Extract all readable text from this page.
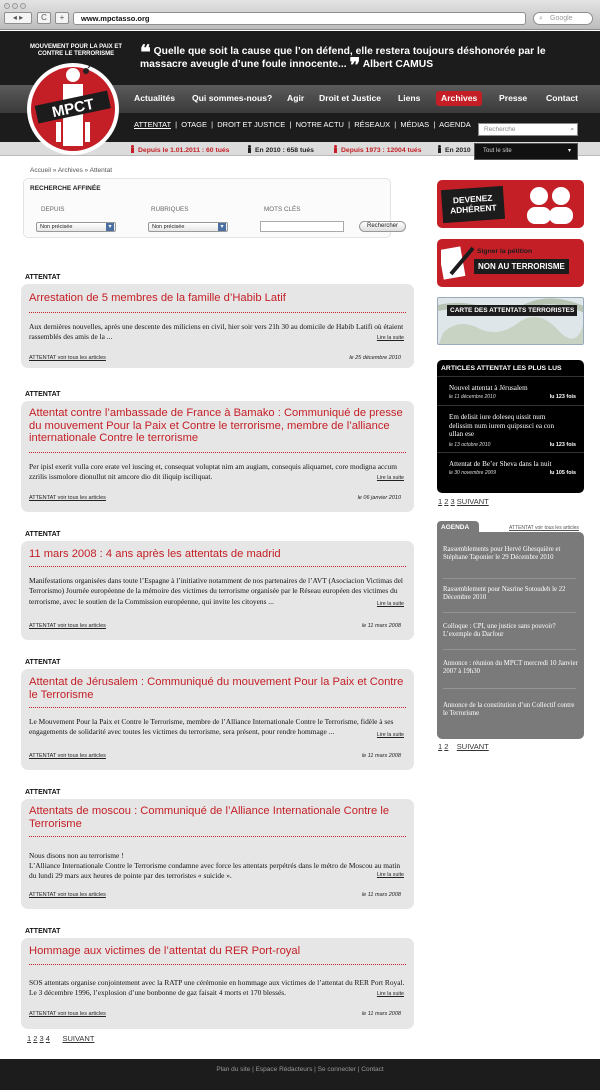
◂ ▸	C	+	www.mpctasso.org	⌕ Google
MOUVEMENT POUR LA PAIX ET CONTRE LE TERRORISME	❝ Quelle que soit la cause que l’on défend, elle restera toujours déshonorée par le massacre aveugle d’une foule innocente... ❞ Albert CAMUS
Actualités	Qui sommes-nous?	Agir	Droit et Justice	Liens	Archives	Presse	Contact
ATTENTAT  |  OTAGE  |  DROIT ET JUSTICE  |  NOTRE ACTU  |  RÉSEAUX  |  MÉDIAS  |  AGENDA
Recherche	⌕
Depuis le 1.01.2011 : 60 tués	En 2010 : 658 tués	Depuis 1973 : 12004 tués	En 2010	Tout le site	▾
MPCT
Accueil » Archives » Attentat
RECHERCHE AFFINÉE
DEPUIS	RUBRIQUES	MOTS CLÉS
Non précisée ▾	Non précisée ▾	Rechercher
ATTENTAT
Arrestation de 5 membres de la famille d’Habib Latif
Aux dernières nouvelles, après une descente des miliciens en civil, hier soir vers 21h 30 au domicile de Habib Latifi où étaient rassemblés des amis de la ...	Lire la suite
ATTENTAT voir tous les articles	le 25 décembre 2010
ATTENTAT
Attentat contre l’ambassade de France à Bamako : Communiqué de presse du mouvement Pour la Paix et Contre le terrorisme, membre de l’alliance internationale Contre le terrorisme
Per ipisl exerit vulla core erate vel iuscing et, consequat voluptat nim am augiam, consequis aliquamet, core modigna accum zzrilis issmolore dionullut nit amcore dio dit iliquip isciliquat.	Lire la suite
ATTENTAT voir tous les articles	le 06 janvier 2010
ATTENTAT
11 mars 2008 : 4 ans après les attentats de madrid
Manifestations organisées dans toute l’Espagne à l’initiative notamment de nos partenaires de l’AVT (Asociacion Victimas del Terrorismo) Journée européenne de la mémoire des victimes du terrorisme organisée par le Réseau européen des victimes du terrorisme, avec le soutien de la Commission européenne, qui invite les citoyens ...	Lire la suite
ATTENTAT voir tous les articles	le 11 mars 2008
ATTENTAT
Attentat de Jérusalem : Communiqué du mouvement Pour la Paix et Contre le Terrorisme
Le Mouvement Pour la Paix et Contre le Terrorisme, membre de l’Alliance Internationale Contre le Terrorisme, fidèle à ses engagements de solidarité avec toutes les victimes du terrorisme, sera présent, pour rendre hommage ...	Lire la suite
ATTENTAT voir tous les articles	le 11 mars 2008
ATTENTAT
Attentats de moscou : Communiqué de l’Alliance Internationale Contre le Terrorisme
Nous disons non au terrorisme !
L’Alliance Internationale Contre le Terrorisme condamne avec force les attentats perpétrés dans le métro de Moscou au matin du lundi 29 mars aux heures de pointe par des terroristes « suicide ».	Lire la suite
ATTENTAT voir tous les articles	le 11 mars 2008
ATTENTAT
Hommage aux victimes de l’attentat du RER Port-royal
SOS attentats organise conjointement avec la RATP une cérémonie en hommage aux victimes de l’attentat du RER Port Royal. Le 3 décembre 1996, l’explosion d’une bonbonne de gaz faisait 4 morts et 170 blessés.	Lire la suite
ATTENTAT voir tous les articles	le 11 mars 2008
1 2 3 4 SUIVANT
DEVENEZ ADHÉRENT
Signer la pétition
NON AU TERRORISME
CARTE DES ATTENTATS TERRORISTES
ARTICLES ATTENTAT LES PLUS LUS
Nouvel attentat à Jérusalem
le 11 décembre 2010	lu 123 fois
Em delisit iure doleseq uissit num delissim num iurem quipsusci ea con ullan ese
le 13 octobre 2010	lu 123 fois
Attentat de Be’er Sheva dans la nuit
le 30 novembre 2009	lu 105 fois
1 2 3 SUIVANT
AGENDA	ATTENTAT voir tous les articles
Rassemblements pour Hervé Ghesquière et Stéphane Taponier le 29 Décembre 2010
Rassemblement pour Nasrine Sotoudeh le 22 Décembre 2010
Colloque : CPI, une justice sans pouvoir? L’exemple du Darfour
Annonce : réunion du MPCT mercredi 10 Janvier 2007 à 19h30
Annonce de la constitution d’un Collectif contre le Terrorisme
1 2 SUIVANT
Plan du site | Espace Rédacteurs | Se connecter | Contact
